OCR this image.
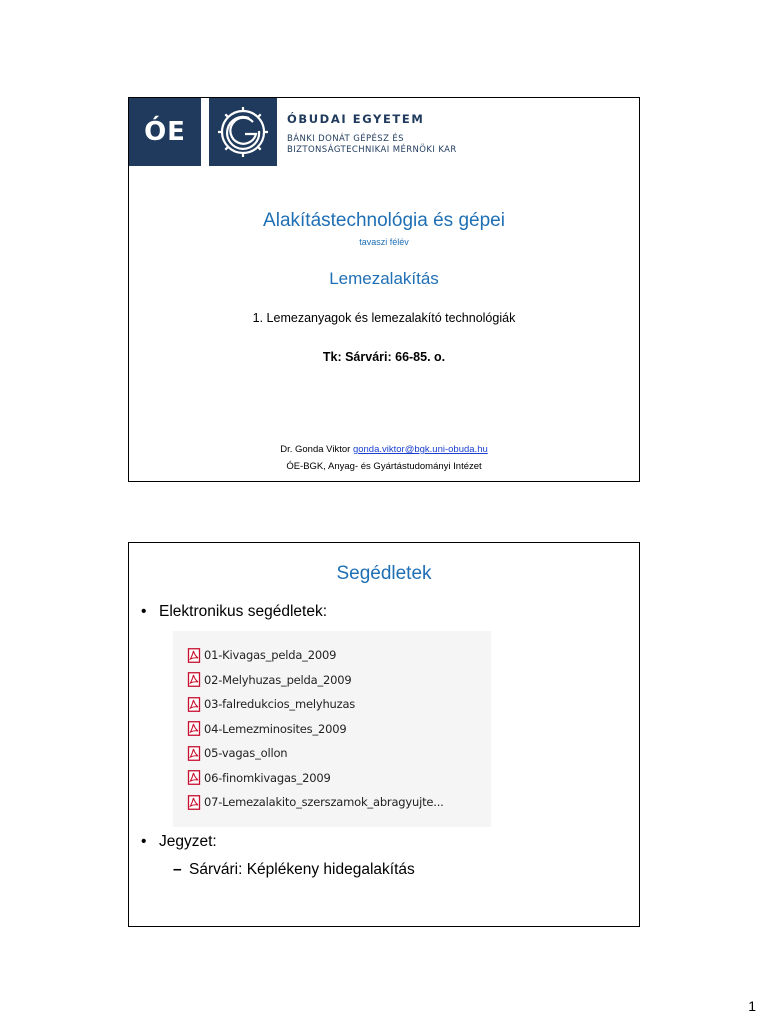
ÓE	ÓBUDAI EGYETEM
BÁNKI DONÁT GÉPÉSZ ÉS
BIZTONSÁGTECHNIKAI MÉRNÖKI KAR
Alakítástechnológia és gépei
tavaszi félév
Lemezalakítás
1. Lemezanyagok és lemezalakító technológiák
Tk: Sárvári: 66-85. o.
Dr. Gonda Viktor gonda.viktor@bgk.uni-obuda.hu
ÓE-BGK, Anyag- és Gyártástudományi Intézet
Segédletek
• Elektronikus segédletek:
01-Kivagas_pelda_2009
02-Melyhuzas_pelda_2009
03-falredukcios_melyhuzas
04-Lemezminosites_2009
05-vagas_ollon
06-finomkivagas_2009
07-Lemezalakito_szerszamok_abragyujte...
• Jegyzet:
– Sárvári: Képlékeny hidegalakítás
1
